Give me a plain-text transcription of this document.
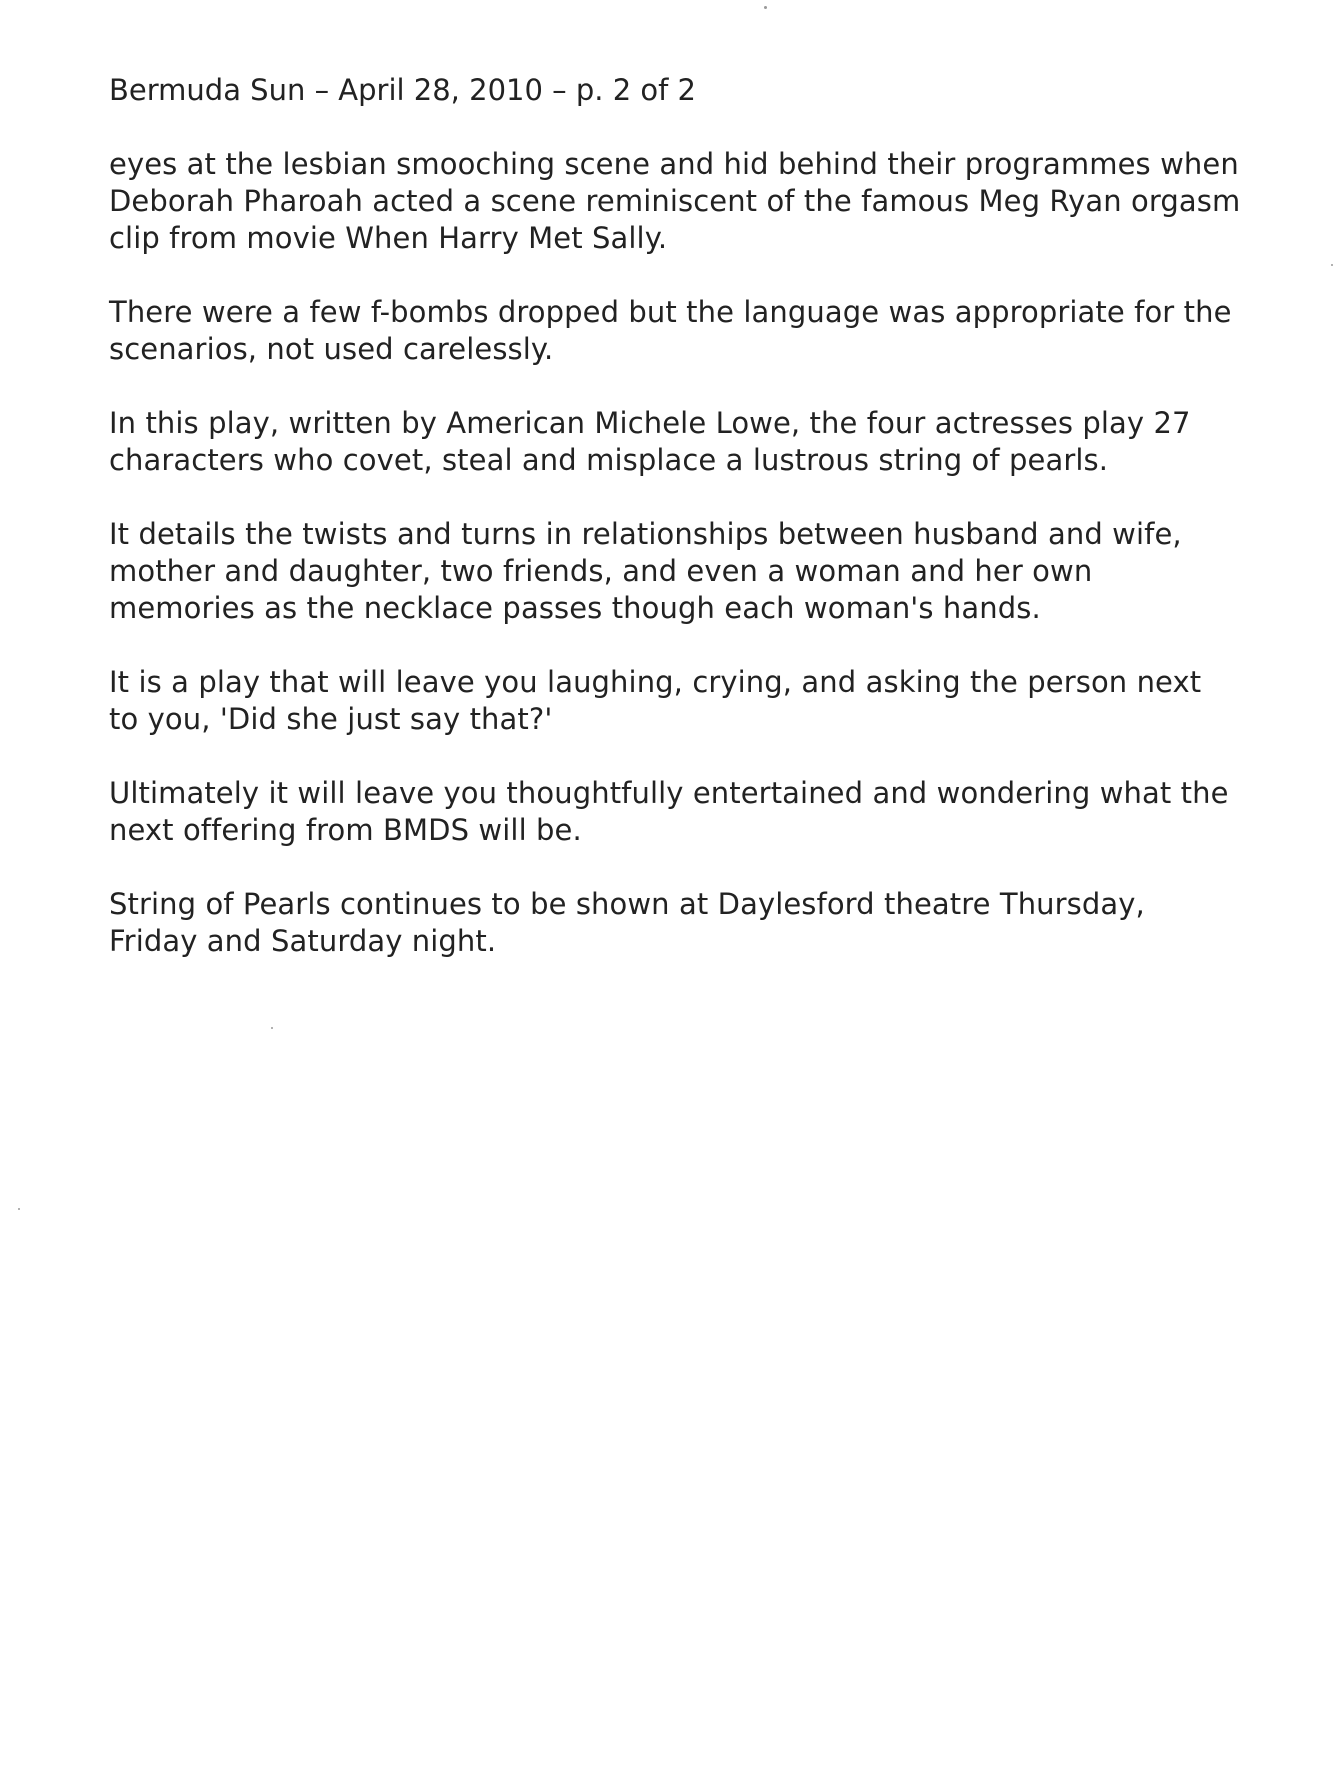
Bermuda Sun – April 28, 2010 – p. 2 of 2

eyes at the lesbian smooching scene and hid behind their programmes when
Deborah Pharoah acted a scene reminiscent of the famous Meg Ryan orgasm
clip from movie When Harry Met Sally.

There were a few f-bombs dropped but the language was appropriate for the
scenarios, not used carelessly.

In this play, written by American Michele Lowe, the four actresses play 27
characters who covet, steal and misplace a lustrous string of pearls.

It details the twists and turns in relationships between husband and wife,
mother and daughter, two friends, and even a woman and her own
memories as the necklace passes though each woman's hands.

It is a play that will leave you laughing, crying, and asking the person next
to you, 'Did she just say that?'

Ultimately it will leave you thoughtfully entertained and wondering what the
next offering from BMDS will be.

String of Pearls continues to be shown at Daylesford theatre Thursday,
Friday and Saturday night.
